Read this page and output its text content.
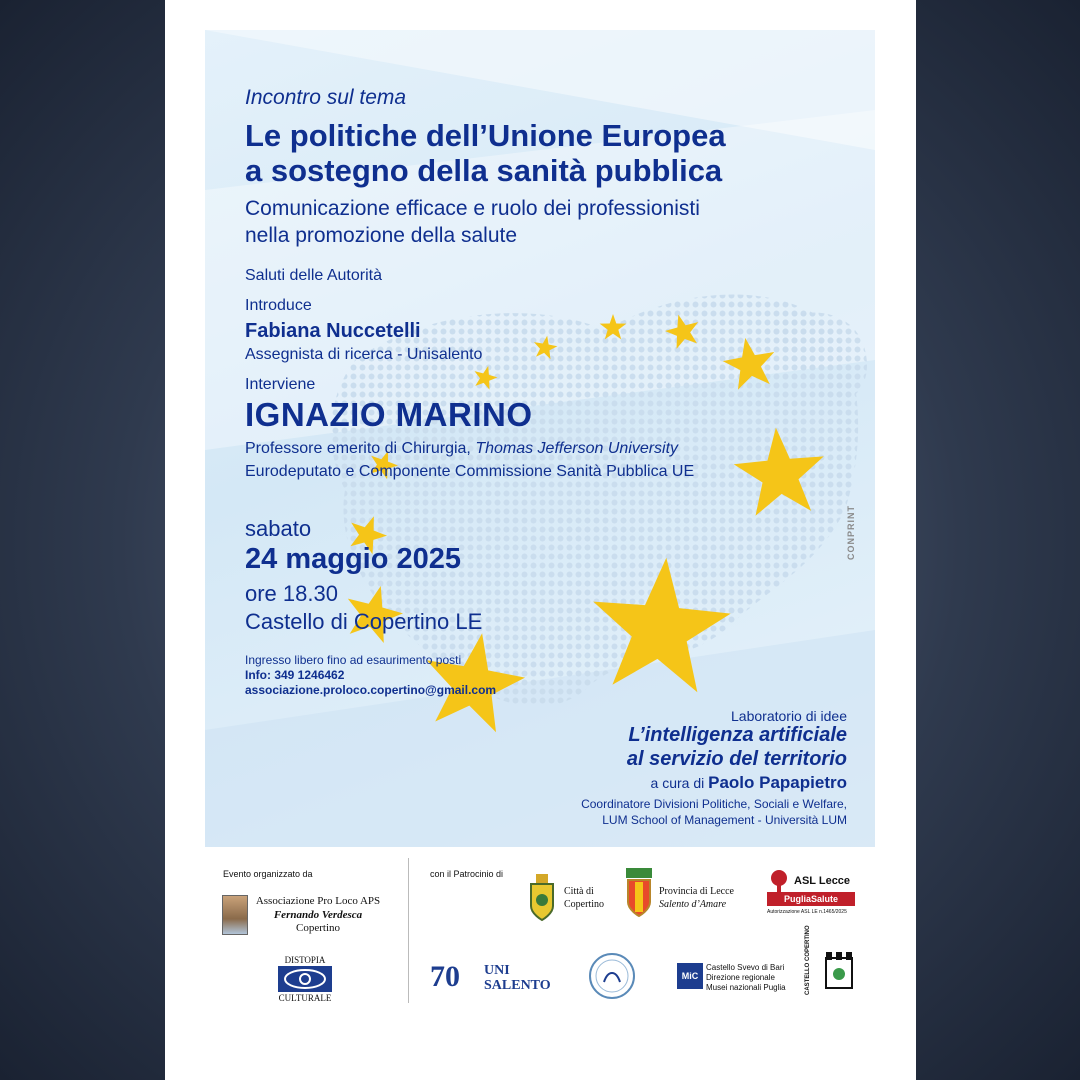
Incontro sul tema
Le politiche dell’Unione Europea
a sostegno della sanità pubblica
Comunicazione efficace e ruolo dei professionisti
nella promozione della salute
Saluti delle Autorità
Introduce
Fabiana Nuccetelli
Assegnista di ricerca - Unisalento
Interviene
IGNAZIO MARINO
Professore emerito di Chirurgia, Thomas Jefferson University
Eurodeputato e Componente Commissione Sanità Pubblica UE
sabato
24 maggio 2025
ore 18.30
Castello di Copertino LE
Ingresso libero fino ad esaurimento posti
Info: 349 1246462
associazione.proloco.copertino@gmail.com
Laboratorio di idee
L’intelligenza artificiale
al servizio del territorio
a cura di Paolo Papapietro
Coordinatore Divisioni Politiche, Sociali e Welfare,
LUM School of Management - Università LUM
CONPRINT
Evento organizzato da
Associazione Pro Loco APS
Fernando Verdesca
Copertino
DISTOPIA
CULTURALE
con il Patrocinio di
Città di
Copertino
Provincia di Lecce
Salento d’Amare
ASL Lecce
PugliaSalute
Autorizzazione ASL LE n.1465/2025
70 UNI
SALENTO
MiC
Castello Svevo di Bari
Direzione regionale
Musei nazionali Puglia	CASTELLO COPERTINO
